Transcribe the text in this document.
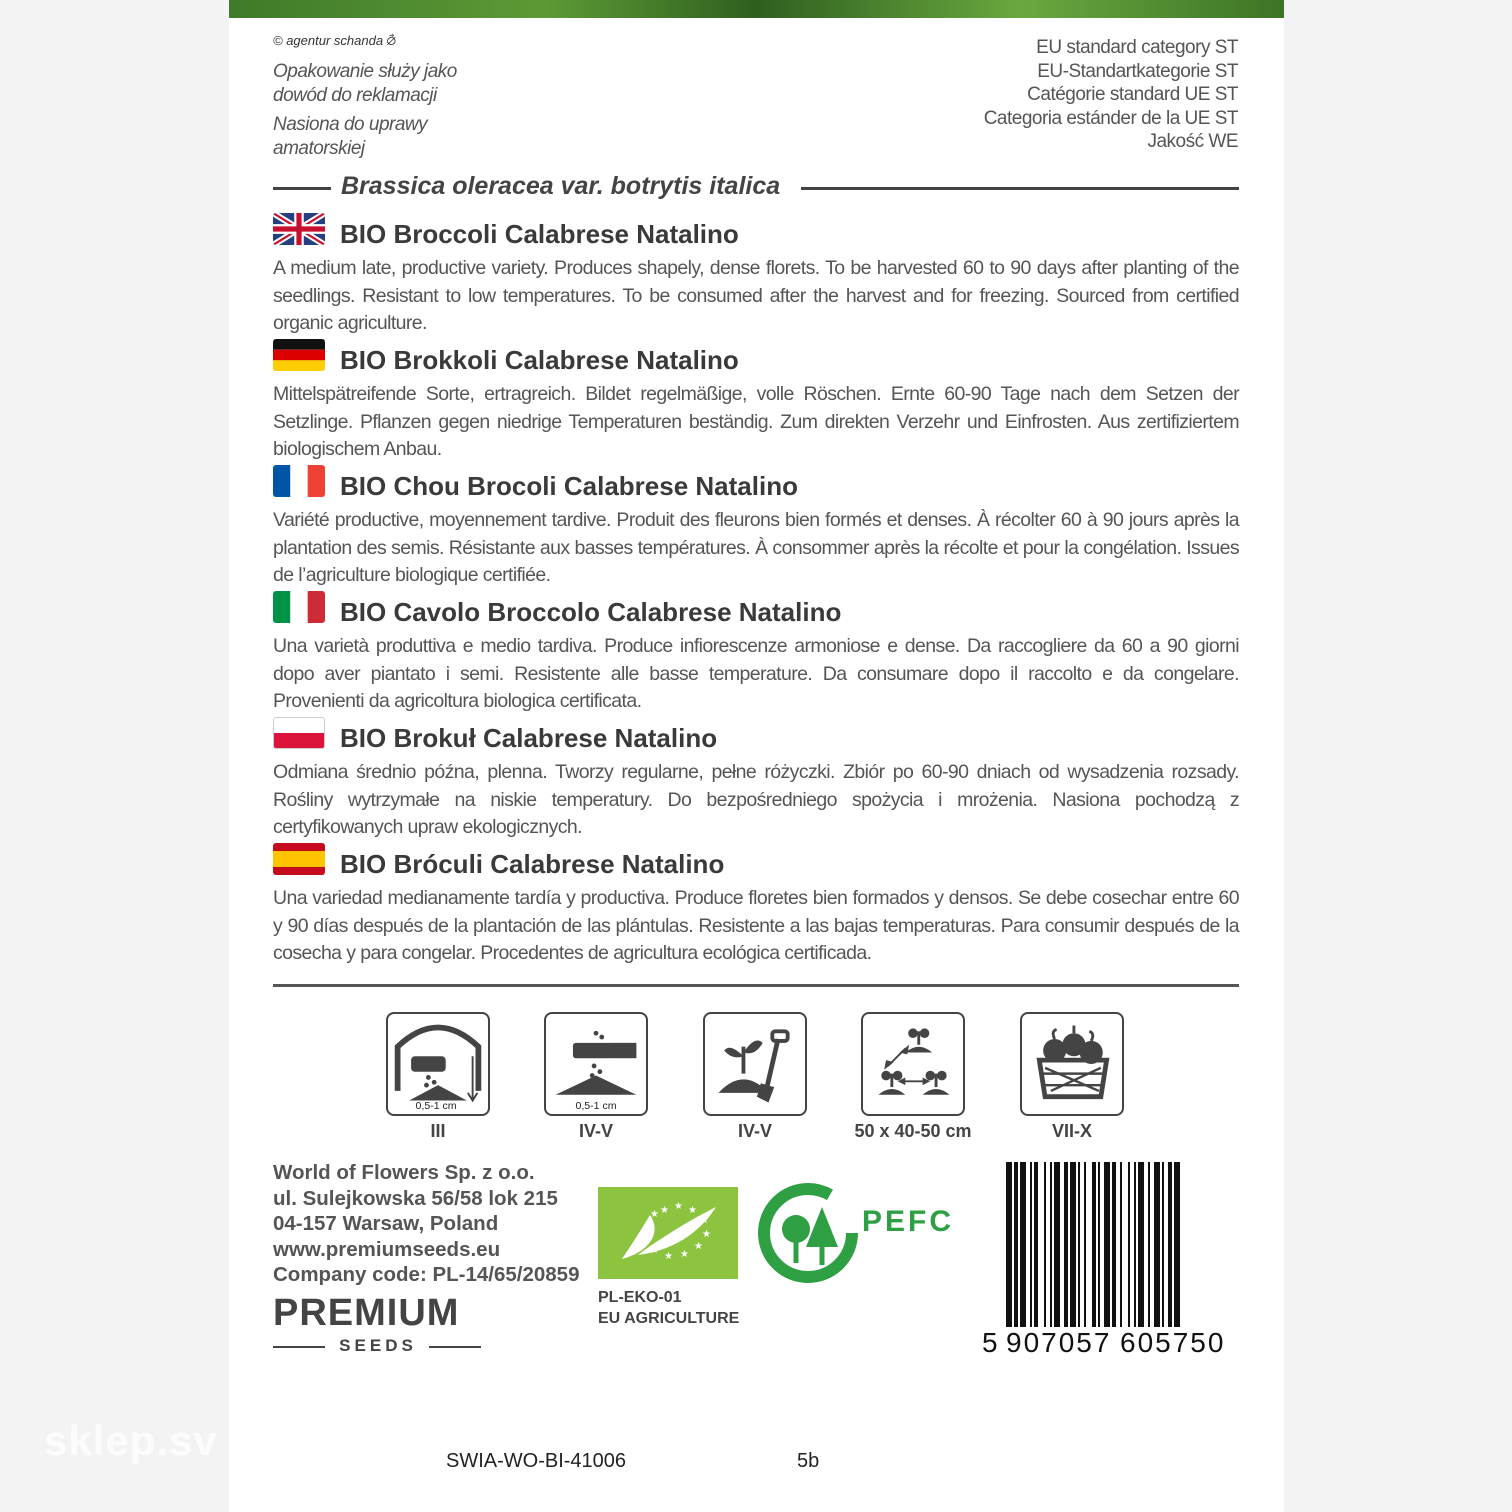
© agentur schanda ⦳
Opakowanie służy jako
dowód do reklamacji
Nasiona do uprawy
amatorskiej
EU standard category ST
EU-Standartkategorie ST
Catégorie standard UE ST
Categoria estánder de la UE ST
Jakość WE
Brassica oleracea var. botrytis italica
BIO Broccoli Calabrese Natalino

A medium late, productive variety. Produces shapely, dense florets. To be harvested 60 to 90 days after planting of the seedlings. Resistant to low temperatures. To be consumed after the harvest and for freezing. Sourced from certified organic agriculture.

BIO Brokkoli Calabrese Natalino

Mittelspätreifende Sorte, ertragreich. Bildet regelmäßige, volle Röschen. Ernte 60-90 Tage nach dem Setzen der Setzlinge. Pflanzen gegen niedrige Temperaturen beständig. Zum direkten Verzehr und Einfrosten. Aus zertifiziertem biologischem Anbau.

BIO Chou Brocoli Calabrese Natalino

Variété productive, moyennement tardive. Produit des fleurons bien formés et denses. À récolter 60 à 90 jours après la plantation des semis. Résistante aux basses températures. À consommer après la récolte et pour la congélation. Issues de l’agriculture biologique certifiée.

BIO Cavolo Broccolo Calabrese Natalino

Una varietà produttiva e medio tardiva. Produce infiorescenze armoniose e dense. Da raccogliere da 60 a 90 giorni dopo aver piantato i semi. Resistente alle basse temperature. Da consumare dopo il raccolto e da congelare. Provenienti da agricoltura biologica certificata.

BIO Brokuł Calabrese Natalino

Odmiana średnio późna, plenna. Tworzy regularne, pełne różyczki. Zbiór po 60-90 dniach od wysadzenia rozsady. Rośliny wytrzymałe na niskie temperatury. Do bezpośredniego spożycia i mrożenia. Nasiona pochodzą z certyfikowanych upraw ekologicznych.

BIO Bróculi Calabrese Natalino

Una variedad medianamente tardía y productiva. Produce floretes bien formados y densos. Se debe cosechar entre 60 y 90 días después de la plantación de las plántulas. Resistente a las bajas temperaturas. Para consumir después de la cosecha y para congelar. Procedentes de agricultura ecológica certificada.

0,5-1 cm
III
0,5-1 cm
IV-V	IV-V	50 x 40-50 cm	VII-X
World of Flowers Sp. z o.o.
ul. Sulejkowska 56/58 lok 215
04-157 Warsaw, Poland
www.premiumseeds.eu
Company code: PL-14/65/20859
PREMIUM
SEEDS
★ ★ ★
★
★
★
★
★
★
★
★
★
PL-EKO-01
EU AGRICULTURE
PEFC
5 907057 605750
SWIA-WO-BI-41006	5b
sklep.sv
